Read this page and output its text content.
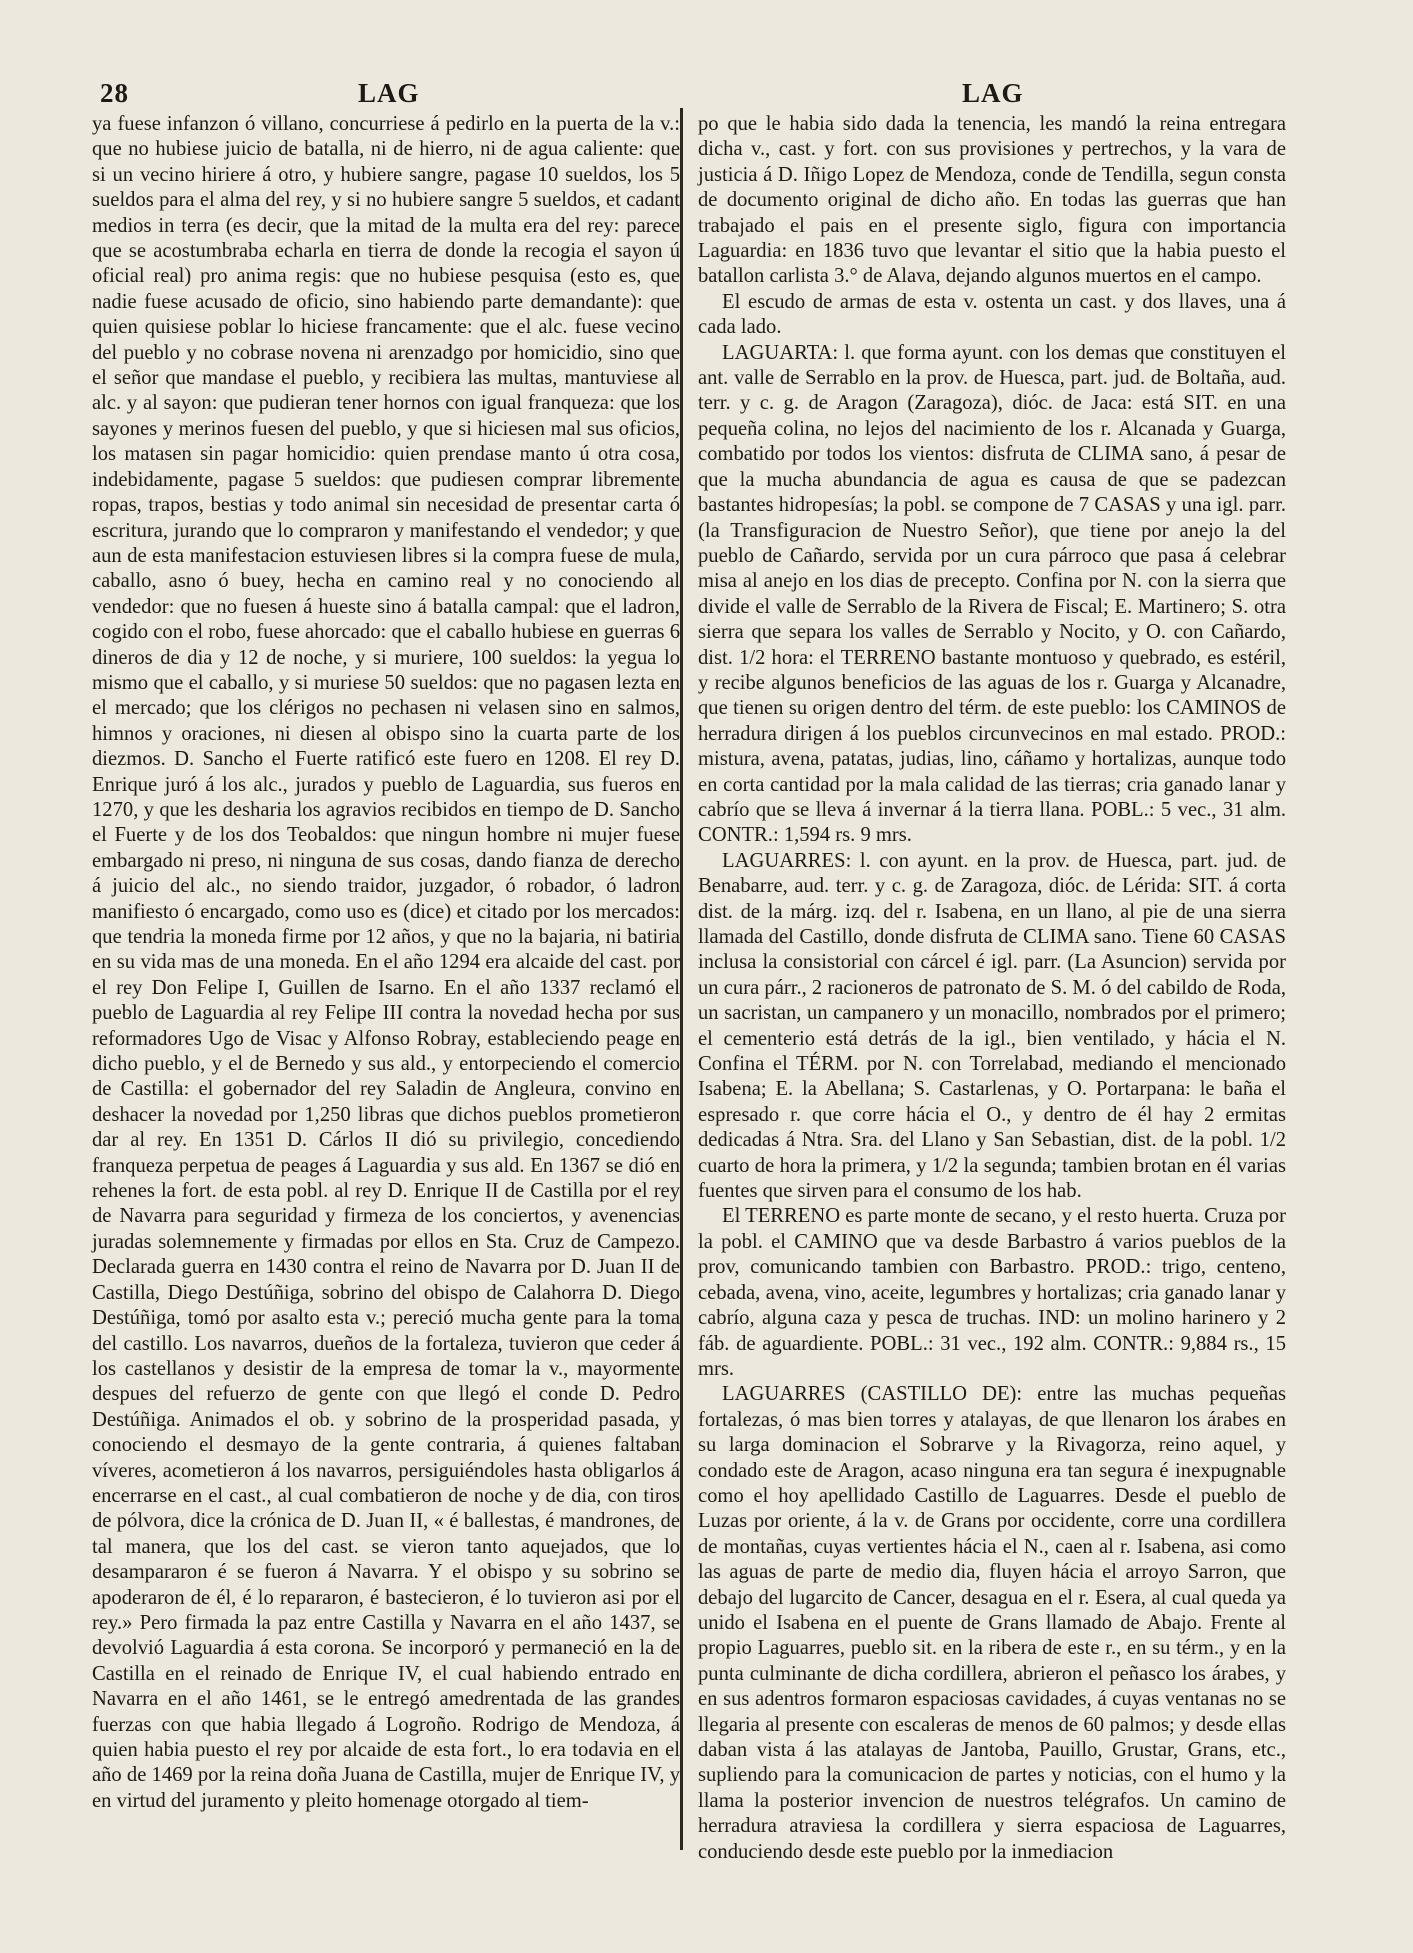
28	LAG	LAG

ya fuese infanzon ó villano, concurriese á pedirlo en la puerta de la v.: que no hubiese juicio de batalla, ni de hierro, ni de agua caliente: que si un vecino hiriere á otro, y hubiere sangre, pagase 10 sueldos, los 5 sueldos para el alma del rey, y si no hubiere sangre 5 sueldos, et cadant medios in terra (es decir, que la mitad de la multa era del rey: parece que se acostumbraba echarla en tierra de donde la recogia el sayon ú oficial real) pro anima regis: que no hubiese pesquisa (esto es, que nadie fuese acusado de oficio, sino habiendo parte demandante): que quien quisiese poblar lo hiciese francamente: que el alc. fuese vecino del pueblo y no cobrase novena ni arenzadgo por homicidio, sino que el señor que mandase el pueblo, y recibiera las multas, mantuviese al alc. y al sayon: que pudieran tener hornos con igual franqueza: que los sayones y merinos fuesen del pueblo, y que si hiciesen mal sus oficios, los matasen sin pagar homicidio: quien prendase manto ú otra cosa, indebidamente, pagase 5 sueldos: que pudiesen comprar libremente ropas, trapos, bestias y todo animal sin necesidad de presentar carta ó escritura, jurando que lo compraron y manifestando el vendedor; y que aun de esta manifestacion estuviesen libres si la compra fuese de mula, caballo, asno ó buey, hecha en camino real y no conociendo al vendedor: que no fuesen á hueste sino á batalla campal: que el ladron, cogido con el robo, fuese ahorcado: que el caballo hubiese en guerras 6 dineros de dia y 12 de noche, y si muriere, 100 sueldos: la yegua lo mismo que el caballo, y si muriese 50 sueldos: que no pagasen lezta en el mercado; que los clérigos no pechasen ni velasen sino en salmos, himnos y oraciones, ni diesen al obispo sino la cuarta parte de los diezmos. D. Sancho el Fuerte ratificó este fuero en 1208. El rey D. Enrique juró á los alc., jurados y pueblo de Laguardia, sus fueros en 1270, y que les desharia los agravios recibidos en tiempo de D. Sancho el Fuerte y de los dos Teobaldos: que ningun hombre ni mujer fuese embargado ni preso, ni ninguna de sus cosas, dando fianza de derecho á juicio del alc., no siendo traidor, juzgador, ó robador, ó ladron manifiesto ó encargado, como uso es (dice) et citado por los mercados: que tendria la moneda firme por 12 años, y que no la bajaria, ni batiria en su vida mas de una moneda. En el año 1294 era alcaide del cast. por el rey Don Felipe I, Guillen de Isarno. En el año 1337 reclamó el pueblo de Laguardia al rey Felipe III contra la novedad hecha por sus reformadores Ugo de Visac y Alfonso Robray, estableciendo peage en dicho pueblo, y el de Bernedo y sus ald., y entorpeciendo el comercio de Castilla: el gobernador del rey Saladin de Angleura, convino en deshacer la novedad por 1,250 libras que dichos pueblos prometieron dar al rey. En 1351 D. Cárlos II dió su privilegio, concediendo franqueza perpetua de peages á Laguardia y sus ald. En 1367 se dió en rehenes la fort. de esta pobl. al rey D. Enrique II de Castilla por el rey de Navarra para seguridad y firmeza de los conciertos, y avenencias juradas solemnemente y firmadas por ellos en Sta. Cruz de Campezo. Declarada guerra en 1430 contra el reino de Navarra por D. Juan II de Castilla, Diego Destúñiga, sobrino del obispo de Calahorra D. Diego Destúñiga, tomó por asalto esta v.; pereció mucha gente para la toma del castillo. Los navarros, dueños de la fortaleza, tuvieron que ceder á los castellanos y desistir de la empresa de tomar la v., mayormente despues del refuerzo de gente con que llegó el conde D. Pedro Destúñiga. Animados el ob. y sobrino de la prosperidad pasada, y conociendo el desmayo de la gente contraria, á quienes faltaban víveres, acometieron á los navarros, persiguiéndoles hasta obligarlos á encerrarse en el cast., al cual combatieron de noche y de dia, con tiros de pólvora, dice la crónica de D. Juan II, « é ballestas, é mandrones, de tal manera, que los del cast. se vieron tanto aquejados, que lo desampararon é se fueron á Navarra. Y el obispo y su sobrino se apoderaron de él, é lo repararon, é bastecieron, é lo tuvieron asi por el rey.» Pero firmada la paz entre Castilla y Navarra en el año 1437, se devolvió Laguardia á esta corona. Se incorporó y permaneció en la de Castilla en el reinado de Enrique IV, el cual habiendo entrado en Navarra en el año 1461, se le entregó amedrentada de las grandes fuerzas con que habia llegado á Logroño. Rodrigo de Mendoza, á quien habia puesto el rey por alcaide de esta fort., lo era todavia en el año de 1469 por la reina doña Juana de Castilla, mujer de Enrique IV, y en virtud del juramento y pleito homenage otorgado al tiem-

po que le habia sido dada la tenencia, les mandó la reina entregara dicha v., cast. y fort. con sus provisiones y pertrechos, y la vara de justicia á D. Iñigo Lopez de Mendoza, conde de Tendilla, segun consta de documento original de dicho año. En todas las guerras que han trabajado el pais en el presente siglo, figura con importancia Laguardia: en 1836 tuvo que levantar el sitio que la habia puesto el batallon carlista 3.° de Alava, dejando algunos muertos en el campo.

El escudo de armas de esta v. ostenta un cast. y dos llaves, una á cada lado.

LAGUARTA: l. que forma ayunt. con los demas que constituyen el ant. valle de Serrablo en la prov. de Huesca, part. jud. de Boltaña, aud. terr. y c. g. de Aragon (Zaragoza), dióc. de Jaca: está SIT. en una pequeña colina, no lejos del nacimiento de los r. Alcanada y Guarga, combatido por todos los vientos: disfruta de CLIMA sano, á pesar de que la mucha abundancia de agua es causa de que se padezcan bastantes hidropesías; la pobl. se compone de 7 CASAS y una igl. parr. (la Transfiguracion de Nuestro Señor), que tiene por anejo la del pueblo de Cañardo, servida por un cura párroco que pasa á celebrar misa al anejo en los dias de precepto. Confina por N. con la sierra que divide el valle de Serrablo de la Rivera de Fiscal; E. Martinero; S. otra sierra que separa los valles de Serrablo y Nocito, y O. con Cañardo, dist. 1/2 hora: el TERRENO bastante montuoso y quebrado, es estéril, y recibe algunos beneficios de las aguas de los r. Guarga y Alcanadre, que tienen su origen dentro del térm. de este pueblo: los CAMINOS de herradura dirigen á los pueblos circunvecinos en mal estado. PROD.: mistura, avena, patatas, judias, lino, cáñamo y hortalizas, aunque todo en corta cantidad por la mala calidad de las tierras; cria ganado lanar y cabrío que se lleva á invernar á la tierra llana. POBL.: 5 vec., 31 alm. CONTR.: 1,594 rs. 9 mrs.

LAGUARRES: l. con ayunt. en la prov. de Huesca, part. jud. de Benabarre, aud. terr. y c. g. de Zaragoza, dióc. de Lérida: SIT. á corta dist. de la márg. izq. del r. Isabena, en un llano, al pie de una sierra llamada del Castillo, donde disfruta de CLIMA sano. Tiene 60 CASAS inclusa la consistorial con cárcel é igl. parr. (La Asuncion) servida por un cura párr., 2 racioneros de patronato de S. M. ó del cabildo de Roda, un sacristan, un campanero y un monacillo, nombrados por el primero; el cementerio está detrás de la igl., bien ventilado, y hácia el N. Confina el TÉRM. por N. con Torrelabad, mediando el mencionado Isabena; E. la Abellana; S. Castarlenas, y O. Portarpana: le baña el espresado r. que corre hácia el O., y dentro de él hay 2 ermitas dedicadas á Ntra. Sra. del Llano y San Sebastian, dist. de la pobl. 1/2 cuarto de hora la primera, y 1/2 la segunda; tambien brotan en él varias fuentes que sirven para el consumo de los hab.

El TERRENO es parte monte de secano, y el resto huerta. Cruza por la pobl. el CAMINO que va desde Barbastro á varios pueblos de la prov, comunicando tambien con Barbastro. PROD.: trigo, centeno, cebada, avena, vino, aceite, legumbres y hortalizas; cria ganado lanar y cabrío, alguna caza y pesca de truchas. IND: un molino harinero y 2 fáb. de aguardiente. POBL.: 31 vec., 192 alm. CONTR.: 9,884 rs., 15 mrs.

LAGUARRES (CASTILLO DE): entre las muchas pequeñas fortalezas, ó mas bien torres y atalayas, de que llenaron los árabes en su larga dominacion el Sobrarve y la Rivagorza, reino aquel, y condado este de Aragon, acaso ninguna era tan segura é inexpugnable como el hoy apellidado Castillo de Laguarres. Desde el pueblo de Luzas por oriente, á la v. de Grans por occidente, corre una cordillera de montañas, cuyas vertientes hácia el N., caen al r. Isabena, asi como las aguas de parte de medio dia, fluyen hácia el arroyo Sarron, que debajo del lugarcito de Cancer, desagua en el r. Esera, al cual queda ya unido el Isabena en el puente de Grans llamado de Abajo. Frente al propio Laguarres, pueblo sit. en la ribera de este r., en su térm., y en la punta culminante de dicha cordillera, abrieron el peñasco los árabes, y en sus adentros formaron espaciosas cavidades, á cuyas ventanas no se llegaria al presente con escaleras de menos de 60 palmos; y desde ellas daban vista á las atalayas de Jantoba, Pauillo, Grustar, Grans, etc., supliendo para la comunicacion de partes y noticias, con el humo y la llama la posterior invencion de nuestros telégrafos. Un camino de herradura atraviesa la cordillera y sierra espaciosa de Laguarres, conduciendo desde este pueblo por la inmediacion
